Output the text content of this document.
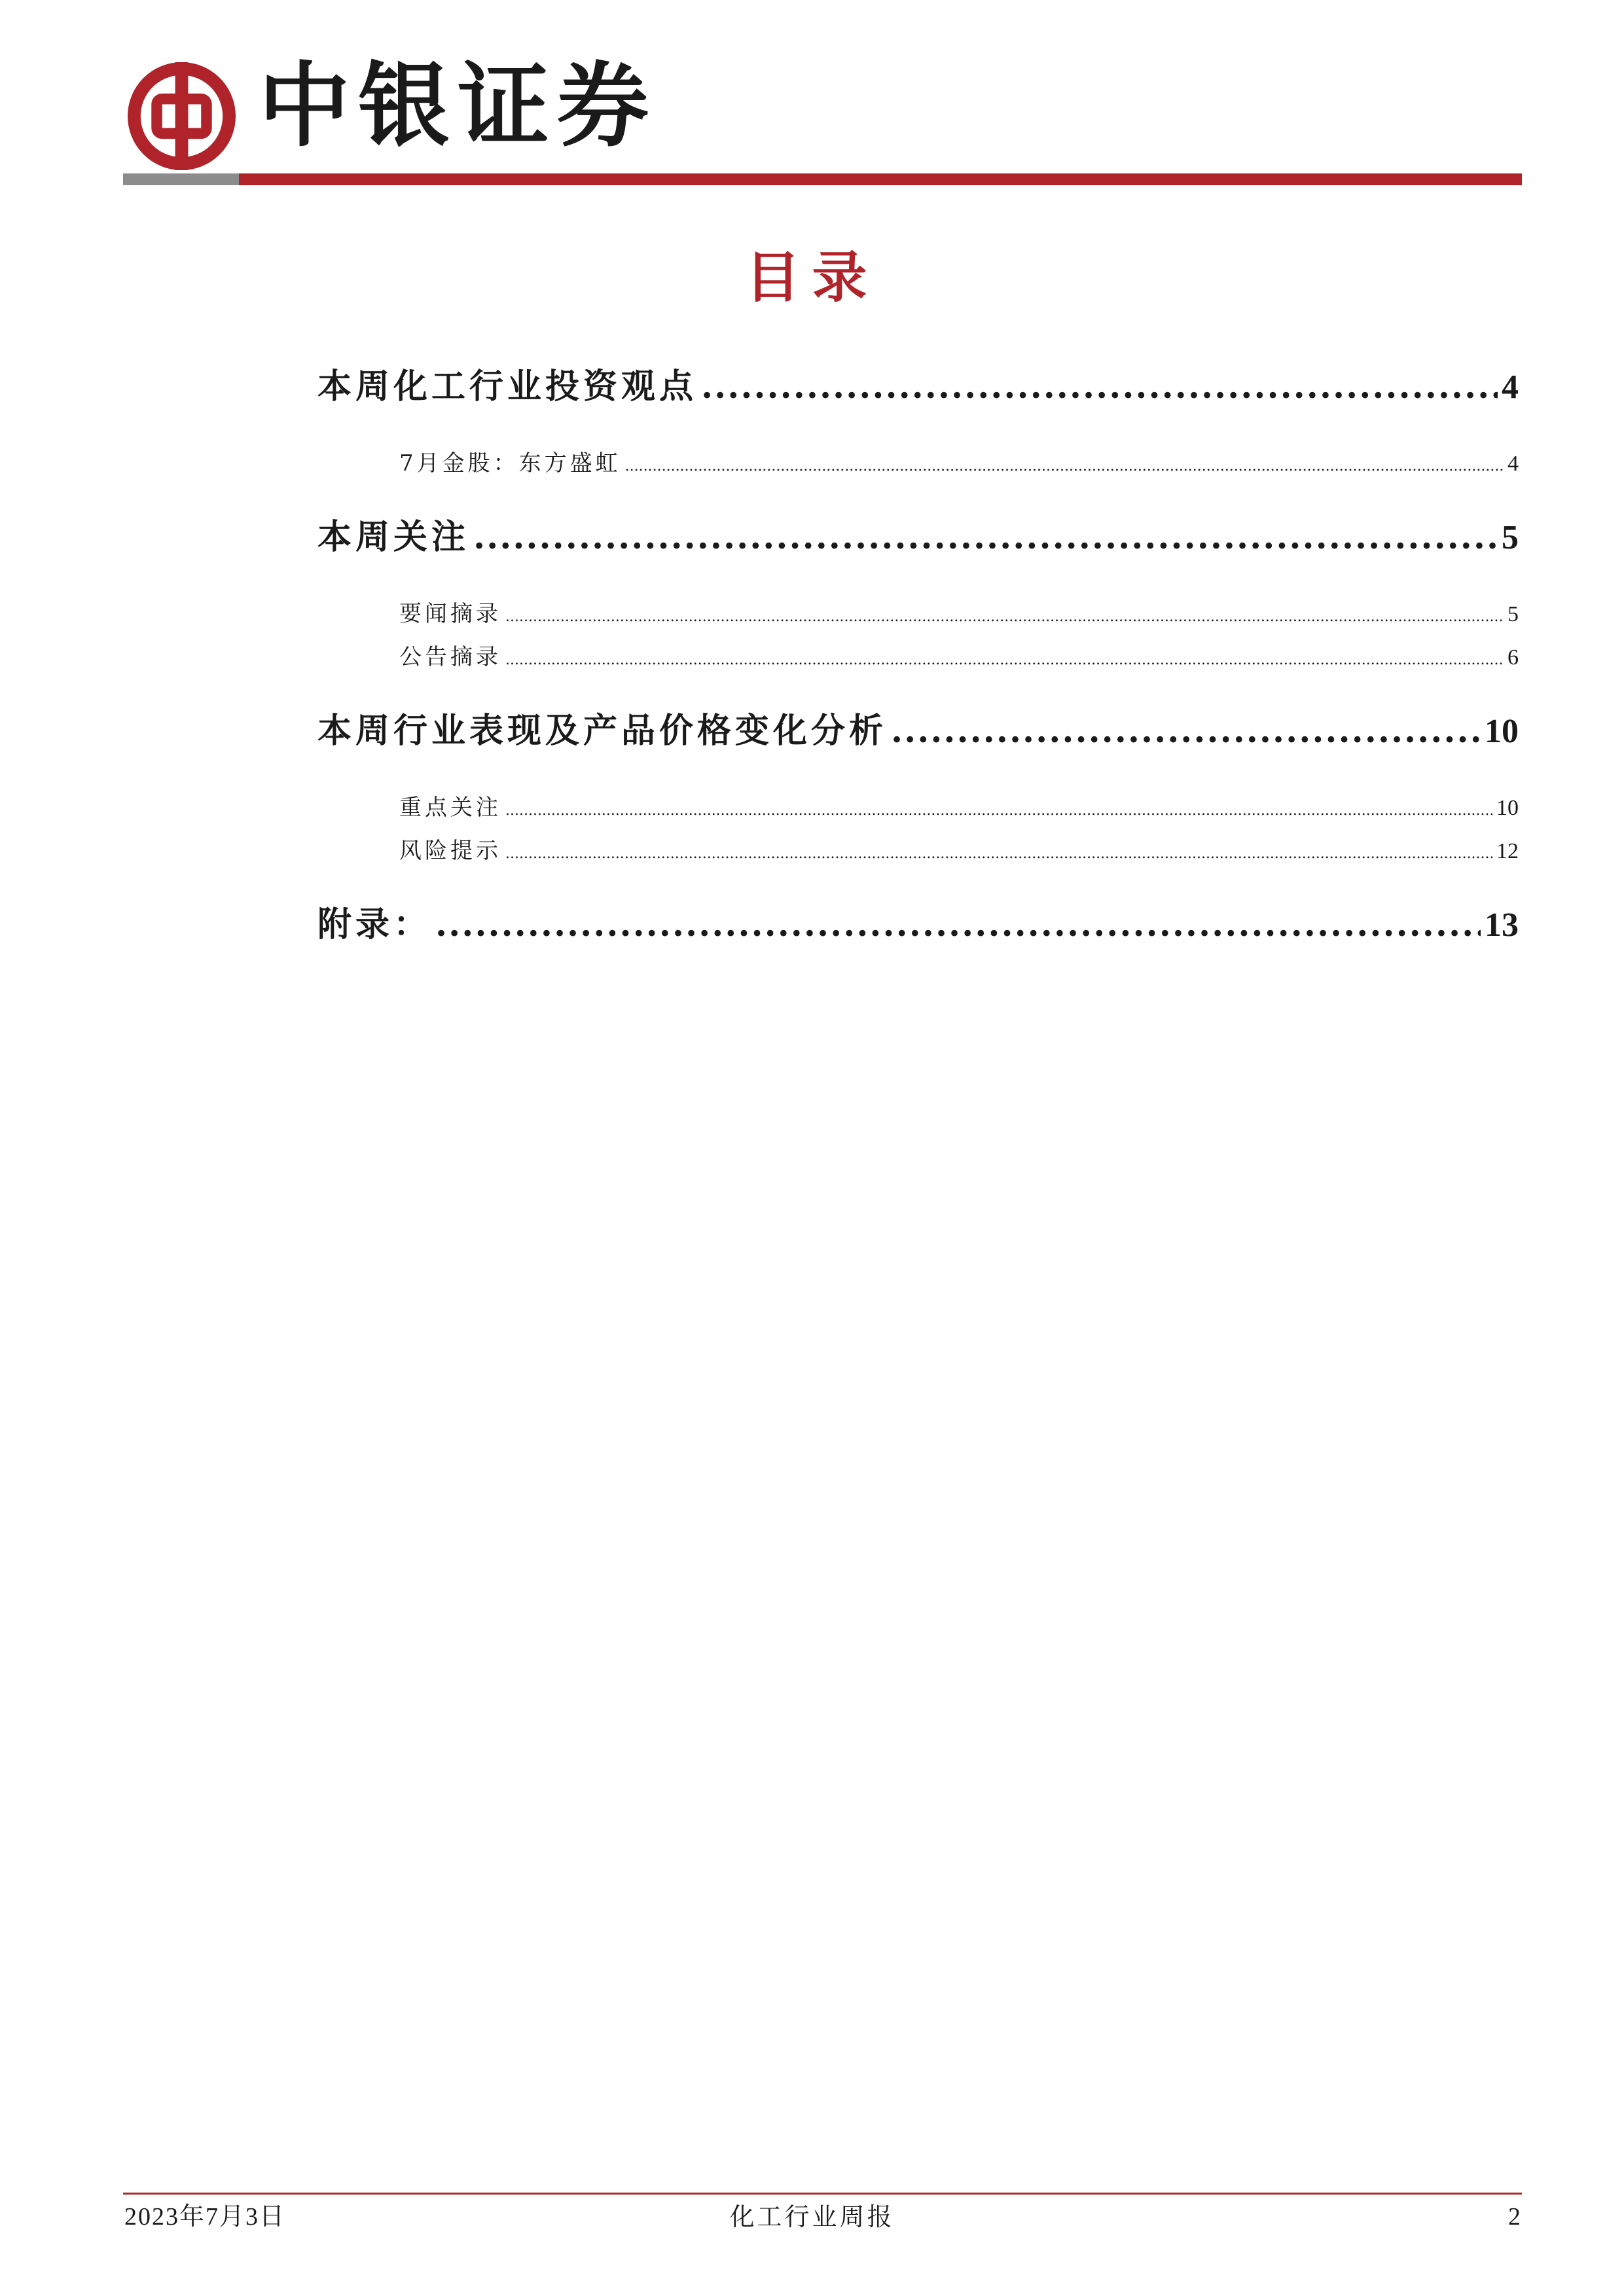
中银证券
目录
本周化工行业投资观点 .....	4
7月金股：东方盛虹 .....	4
本周关注 .....	5
要闻摘录 .....	5
公告摘录 .....	6
本周行业表现及产品价格变化分析 .....	10
重点关注 .....	10
风险提示 .....	12
附录： .....	13
2023年7月3日	化工行业周报	2
